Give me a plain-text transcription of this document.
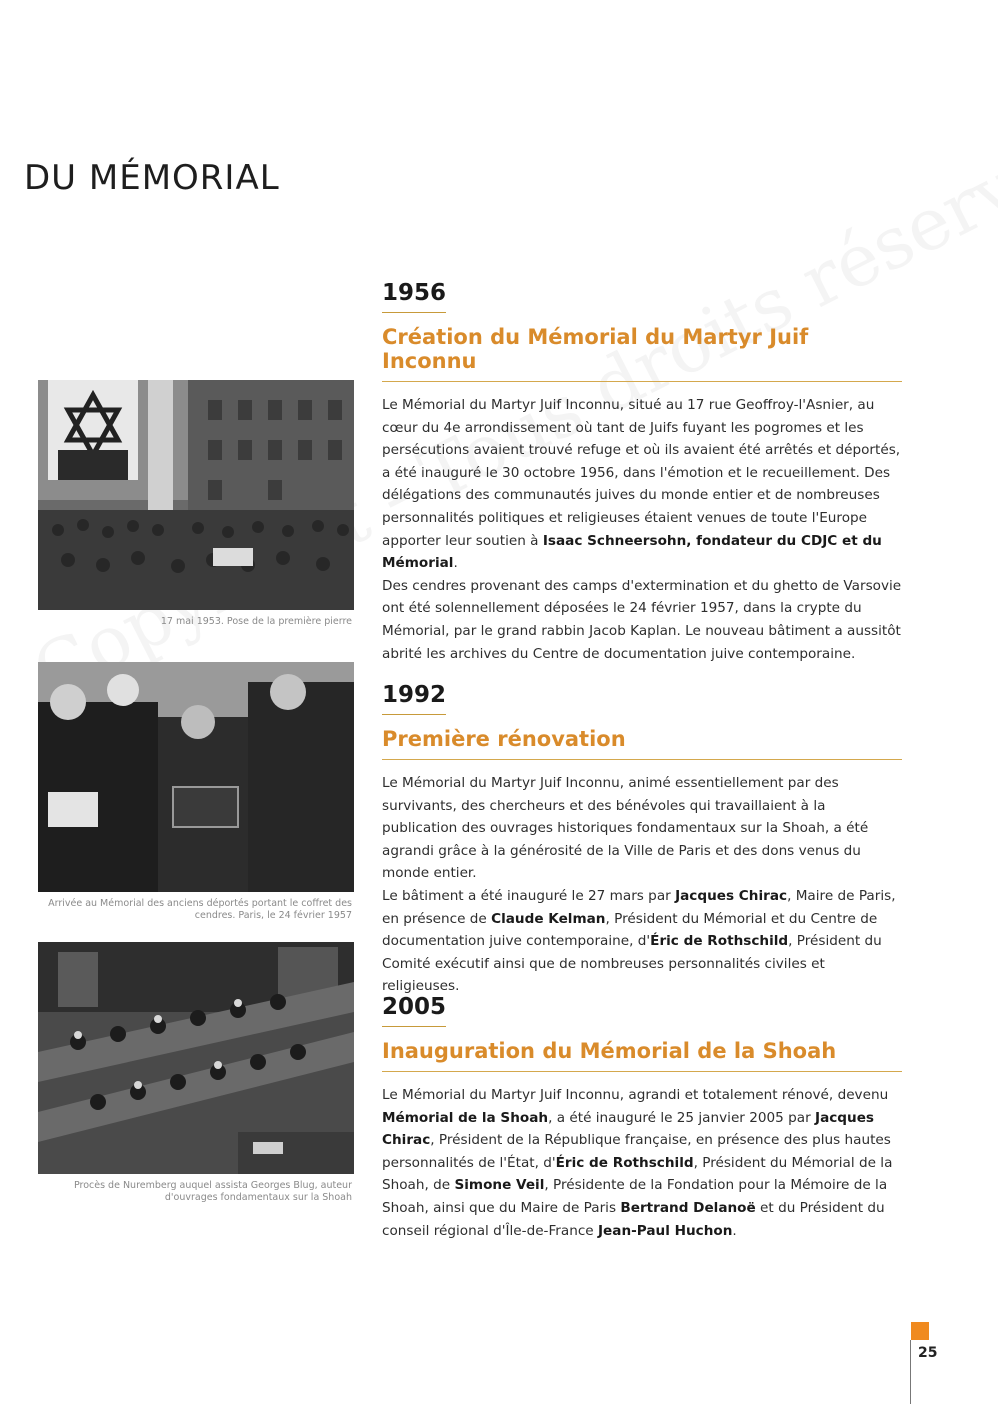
DU MÉMORIAL
17 mai 1953. Pose de la première pierre
Arrivée au Mémorial des anciens déportés portant le coffret des cendres. Paris, le 24 février 1957
Procès de Nuremberg auquel assista Georges Blug, auteur d'ouvrages fondamentaux sur la Shoah
1956
Création du Mémorial du Martyr Juif Inconnu
Le Mémorial du Martyr Juif Inconnu, situé au 17 rue Geoffroy-l'Asnier, au cœur du 4e arrondissement où tant de Juifs fuyant les pogromes et les persécutions avaient trouvé refuge et où ils avaient été arrêtés et déportés, a été inauguré le 30 octobre 1956, dans l'émotion et le recueillement. Des délégations des communautés juives du monde entier et de nombreuses personnalités politiques et religieuses étaient venues de toute l'Europe apporter leur soutien à Isaac Schneersohn, fondateur du CDJC et du Mémorial.
Des cendres provenant des camps d'extermination et du ghetto de Varsovie ont été solennellement déposées le 24 février 1957, dans la crypte du Mémorial, par le grand rabbin Jacob Kaplan. Le nouveau bâtiment a aussitôt abrité les archives du Centre de documentation juive contemporaine.
1992
Première rénovation
Le Mémorial du Martyr Juif Inconnu, animé essentiellement par des survivants, des chercheurs et des bénévoles qui travaillaient à la publication des ouvrages historiques fondamentaux sur la Shoah, a été agrandi grâce à la générosité de la Ville de Paris et des dons venus du monde entier.
Le bâtiment a été inauguré le 27 mars par Jacques Chirac, Maire de Paris, en présence de Claude Kelman, Président du Mémorial et du Centre de documentation juive contemporaine, d'Éric de Rothschild, Président du Comité exécutif ainsi que de nombreuses personnalités civiles et religieuses.
2005
Inauguration du Mémorial de la Shoah
Le Mémorial du Martyr Juif Inconnu, agrandi et totalement rénové, devenu Mémorial de la Shoah, a été inauguré le 25 janvier 2005 par Jacques Chirac, Président de la République française, en présence des plus hautes personnalités de l'État, d'Éric de Rothschild, Président du Mémorial de la Shoah, de Simone Veil, Présidente de la Fondation pour la Mémoire de la Shoah, ainsi que du Maire de Paris Bertrand Delanoë et du Président du conseil régional d'Île-de-France Jean-Paul Huchon.
25
